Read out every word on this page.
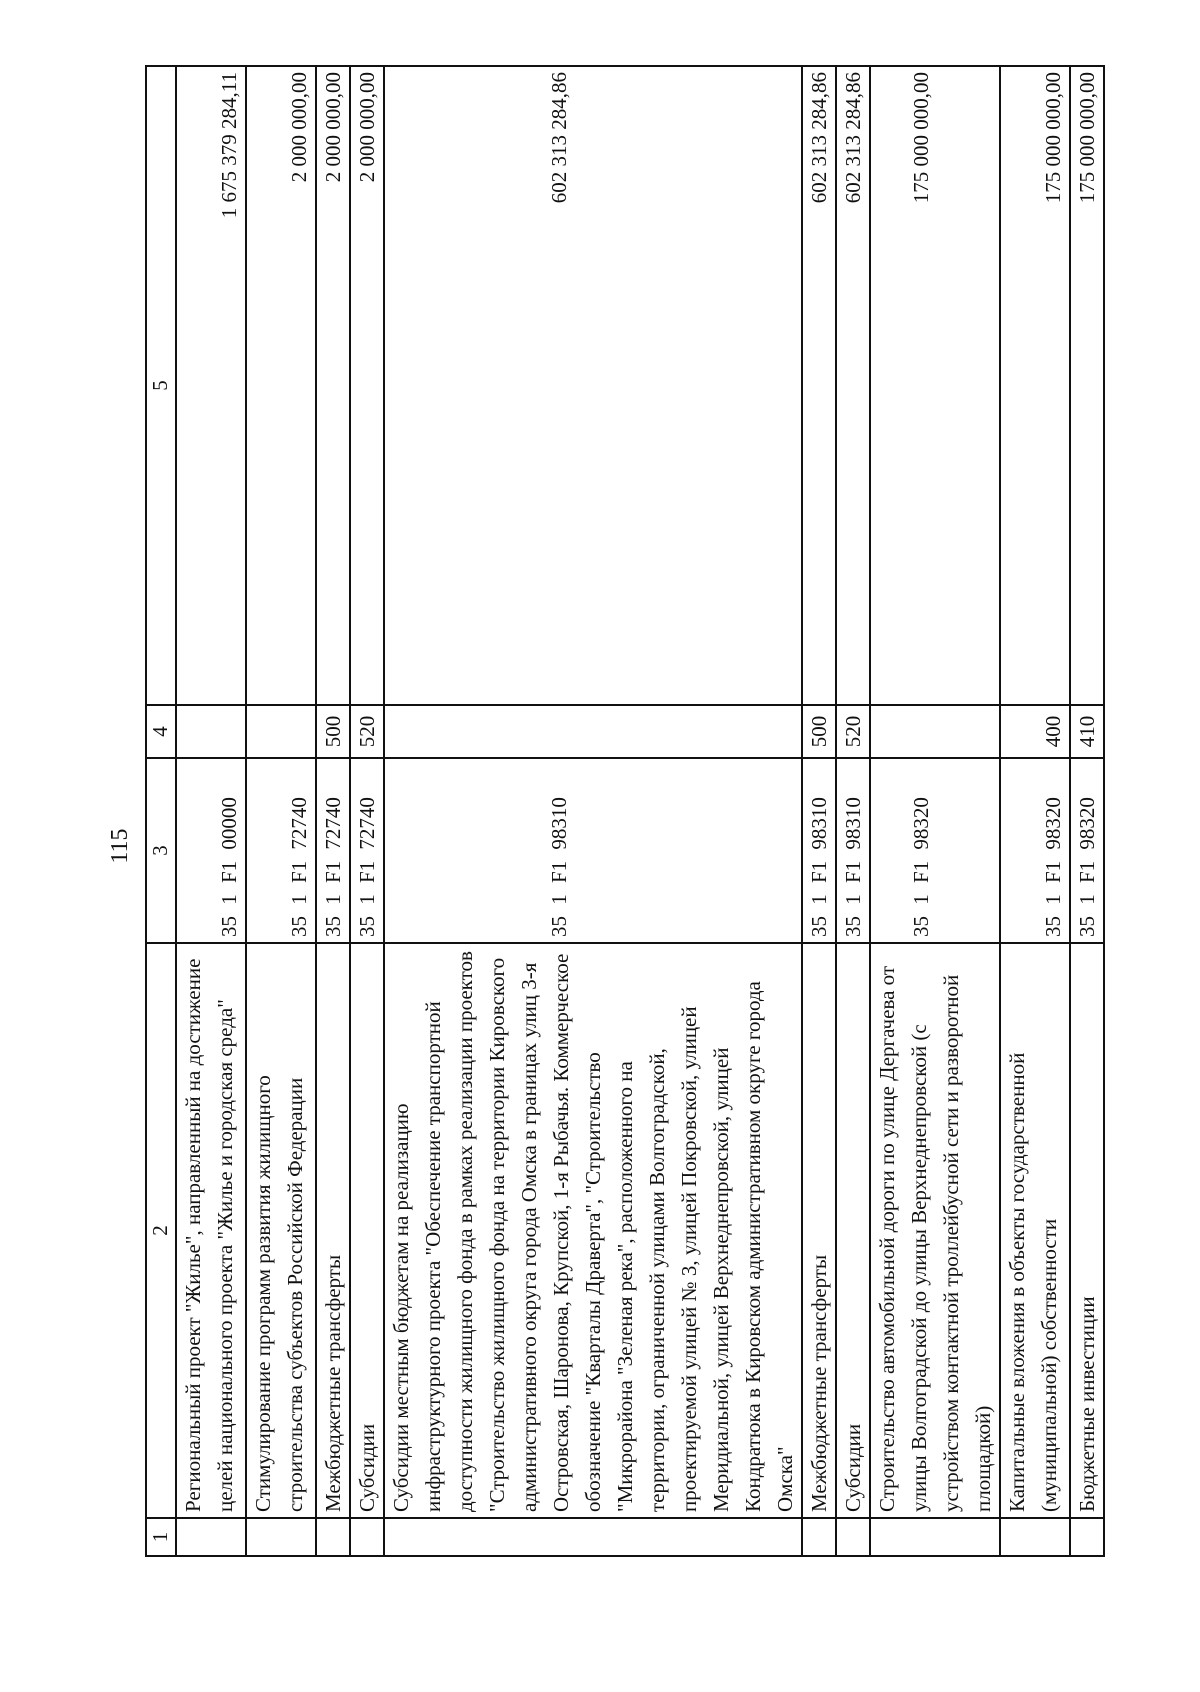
115
1	2	3	4	5
	Региональный проект "Жилье", направленный на достижение целей национального проекта "Жилье и городская среда"	35 1 F1 00000		1 675 379 284,11
	Стимулирование программ развития жилищного строительства субъектов Российской Федерации	35 1 F1 72740		2 000 000,00
	Межбюджетные трансферты	35 1 F1 72740	500	2 000 000,00
	Субсидии	35 1 F1 72740	520	2 000 000,00
	Субсидии местным бюджетам на реализацию инфраструктурного проекта "Обеспечение транспортной доступности жилищного фонда в рамках реализации проектов "Строительство жилищного фонда на территории Кировского административного округа города Омска в границах улиц 3-я Островская, Шаронова, Крупской, 1-я Рыбачья. Коммерческое обозначение "Кварталы Драверта", "Строительство "Микрорайона "Зеленая река", расположенного на территории, ограниченной улицами Волгоградской, проектируемой улицей № 3, улицей Покровской, улицей Меридиальной, улицей Верхнеднепровской, улицей Кондратюка в Кировском административном округе города Омска"	35 1 F1 98310		602 313 284,86
	Межбюджетные трансферты	35 1 F1 98310	500	602 313 284,86
	Субсидии	35 1 F1 98310	520	602 313 284,86
	Строительство автомобильной дороги по улице Дергачева от улицы Волгоградской до улицы Верхнеднепровской (с устройством контактной троллейбусной сети и разворотной площадкой)	35 1 F1 98320		175 000 000,00
	Капитальные вложения в объекты государственной (муниципальной) собственности	35 1 F1 98320	400	175 000 000,00
	Бюджетные инвестиции	35 1 F1 98320	410	175 000 000,00
